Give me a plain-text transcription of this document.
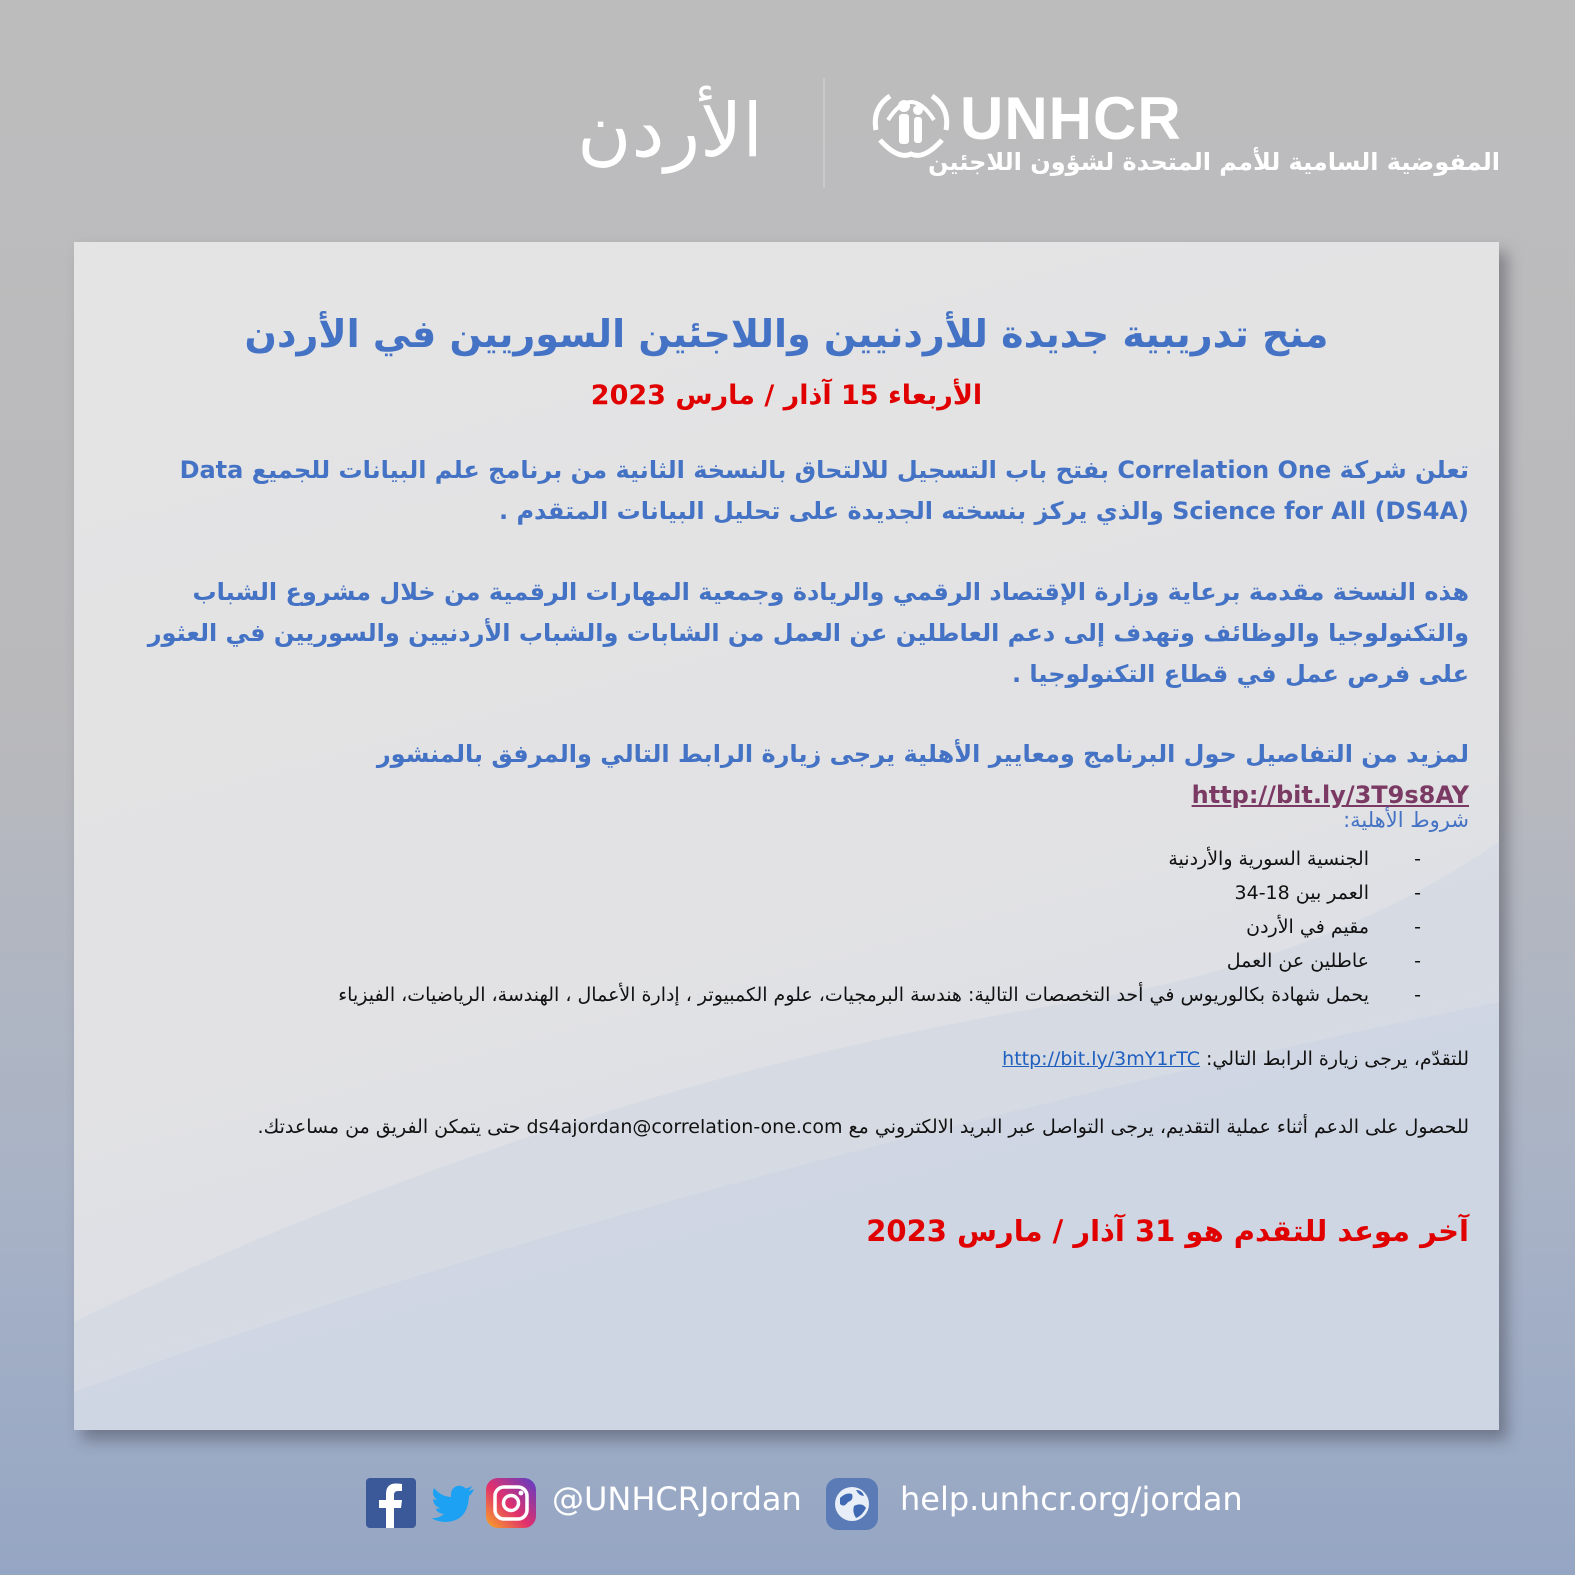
الأردن	UNHCR
المفوضية السامية للأمم المتحدة لشؤون اللاجئين
منح تدريبية جديدة للأردنيين واللاجئين السوريين في الأردن
الأربعاء 15 آذار / مارس 2023
تعلن شركة Correlation One بفتح باب التسجيل للالتحاق بالنسخة الثانية من برنامج علم البيانات للجميع Data Science for All (DS4A) والذي يركز بنسخته الجديدة على تحليل البيانات المتقدم .
هذه النسخة مقدمة برعاية وزارة الإقتصاد الرقمي والريادة وجمعية المهارات الرقمية من خلال مشروع الشباب والتكنولوجيا والوظائف وتهدف إلى دعم العاطلين عن العمل من الشابات والشباب الأردنيين والسوريين في العثور على فرص عمل في قطاع التكنولوجيا .
لمزيد من التفاصيل حول البرنامج ومعايير الأهلية يرجى زيارة الرابط التالي والمرفق بالمنشور   http://bit.ly/3T9s8AY
شروط الأهلية:
-
الجنسية السورية والأردنية
-
العمر بين 18-34
-
مقيم في الأردن
-
عاطلين عن العمل
-
يحمل شهادة بكالوريوس في أحد التخصصات التالية: هندسة البرمجيات، علوم الكمبيوتر ، إدارة الأعمال ، الهندسة، الرياضيات، الفيزياء
للتقدّم، يرجى زيارة الرابط التالي: http://bit.ly/3mY1rTC
للحصول على الدعم أثناء عملية التقديم، يرجى التواصل عبر البريد الالكتروني مع ds4ajordan@correlation-one.com حتى يتمكن الفريق من مساعدتك.
آخر موعد للتقدم هو 31 آذار / مارس 2023
@UNHCRJordan	help.unhcr.org/jordan
